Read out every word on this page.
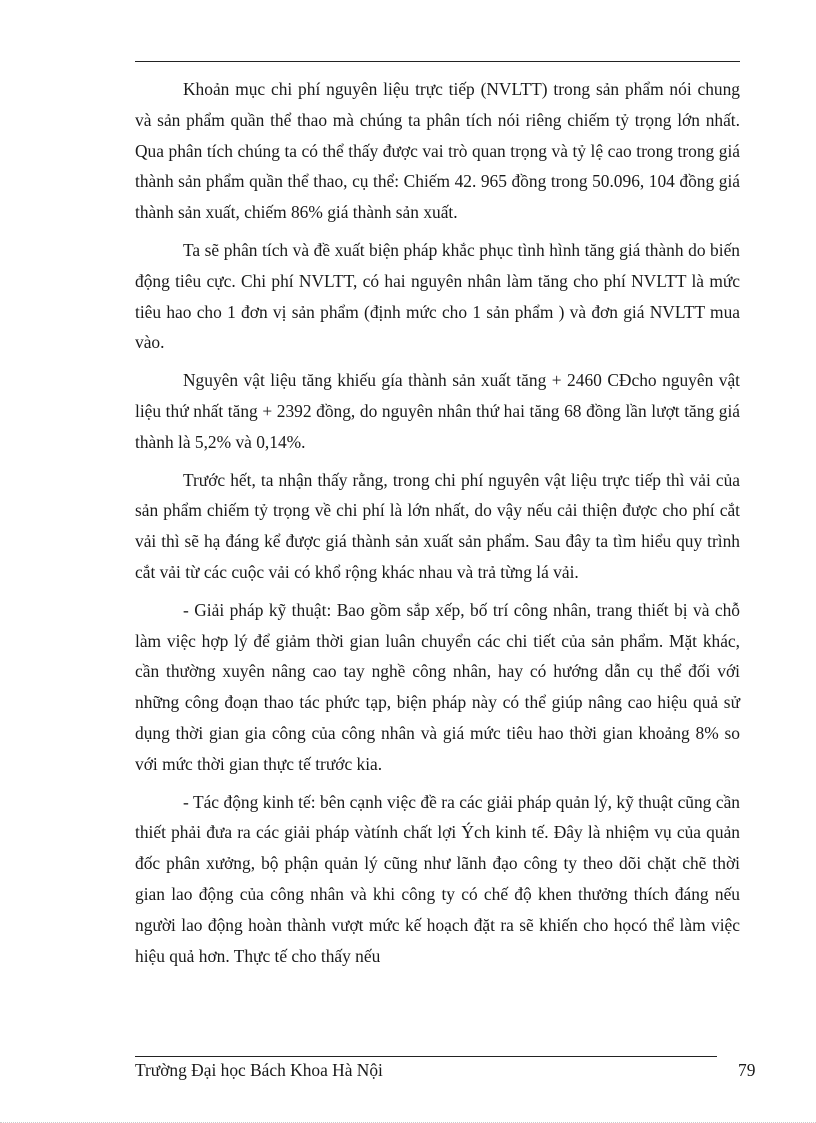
Khoản mục chi phí nguyên liệu trực tiếp (NVLTT) trong sản phẩm nói chung và sản phẩm quần thể thao mà chúng ta phân tích nói riêng chiếm tỷ trọng lớn nhất. Qua phân tích chúng ta có thể thấy được vai trò quan trọng và tỷ lệ cao trong trong giá thành sản phẩm quần thể thao, cụ thể: Chiếm 42. 965 đồng trong 50.096, 104 đồng giá thành sản xuất, chiếm 86% giá thành sản xuất.

Ta sẽ phân tích và đề xuất biện pháp khắc phục tình hình tăng giá thành do biến động tiêu cực. Chi phí NVLTT, có hai nguyên nhân làm tăng cho phí NVLTT là mức tiêu hao cho 1 đơn vị sản phẩm (định mức cho 1 sản phẩm ) và đơn giá NVLTT mua vào.

Nguyên vật liệu tăng khiếu gía thành sản xuất tăng + 2460 CĐcho nguyên vật liệu thứ nhất tăng + 2392 đồng, do nguyên nhân thứ hai tăng 68 đồng lần lượt tăng giá thành là 5,2% và 0,14%.

Trước hết, ta nhận thấy rằng, trong chi phí nguyên vật liệu trực tiếp thì vải của sản phẩm chiếm tỷ trọng về chi phí là lớn nhất, do vậy nếu cải thiện được cho phí cắt vải thì sẽ hạ đáng kể được giá thành sản xuất sản phẩm. Sau đây ta tìm hiểu quy trình cắt vải từ các cuộc vải có khổ rộng khác nhau và trả từng lá vải.

- Giải pháp kỹ thuật: Bao gồm sắp xếp, bố trí công nhân, trang thiết bị và chỗ làm việc hợp lý để giảm thời gian luân chuyển các chi tiết của sản phẩm. Mặt khác, cần thường xuyên nâng cao tay nghề công nhân, hay có hướng dẫn cụ thể đối với những công đoạn thao tác phức tạp, biện pháp này có thể giúp nâng cao hiệu quả sử dụng thời gian gia công của công nhân và giá mức tiêu hao thời gian khoảng 8% so với mức thời gian thực tế trước kia.

- Tác động kinh tế: bên cạnh việc đề ra các giải pháp quản lý, kỹ thuật cũng cần thiết phải đưa ra các giải pháp vàtính chất lợi Ých kinh tế. Đây là nhiệm vụ của quản đốc phân xưởng, bộ phận quản lý cũng như lãnh đạo công ty theo dõi chặt chẽ thời gian lao động của công nhân và khi công ty có chế độ khen thưởng thích đáng nếu người lao động hoàn thành vượt mức kế hoạch đặt ra sẽ khiến cho họcó thể làm việc hiệu quả hơn. Thực tế cho thấy nếu

Trường Đại học Bách Khoa Hà Nội	79
